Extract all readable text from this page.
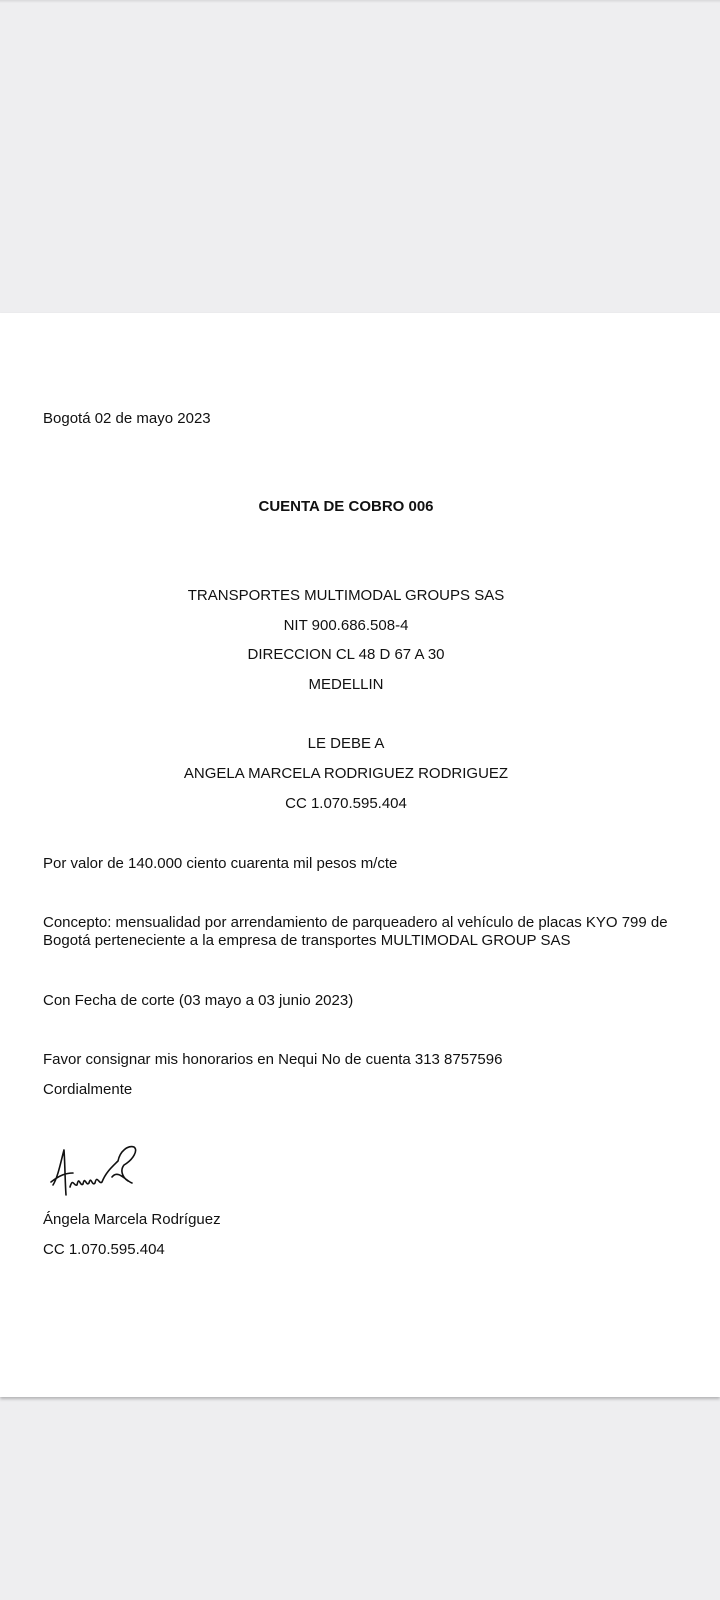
Bogotá 02 de mayo 2023

CUENTA DE COBRO 006

TRANSPORTES MULTIMODAL GROUPS SAS

NIT 900.686.508-4

DIRECCION CL 48 D 67 A 30

MEDELLIN

LE DEBE A

ANGELA MARCELA RODRIGUEZ RODRIGUEZ

CC 1.070.595.404

Por valor de 140.000 ciento cuarenta mil pesos m/cte

Concepto: mensualidad por arrendamiento de parqueadero al vehículo de placas KYO 799 de Bogotá perteneciente a la empresa de transportes MULTIMODAL GROUP SAS

Con Fecha de corte (03 mayo a 03 junio 2023)

Favor consignar mis honorarios en Nequi No de cuenta 313 8757596

Cordialmente

Ángela Marcela Rodríguez

CC 1.070.595.404
